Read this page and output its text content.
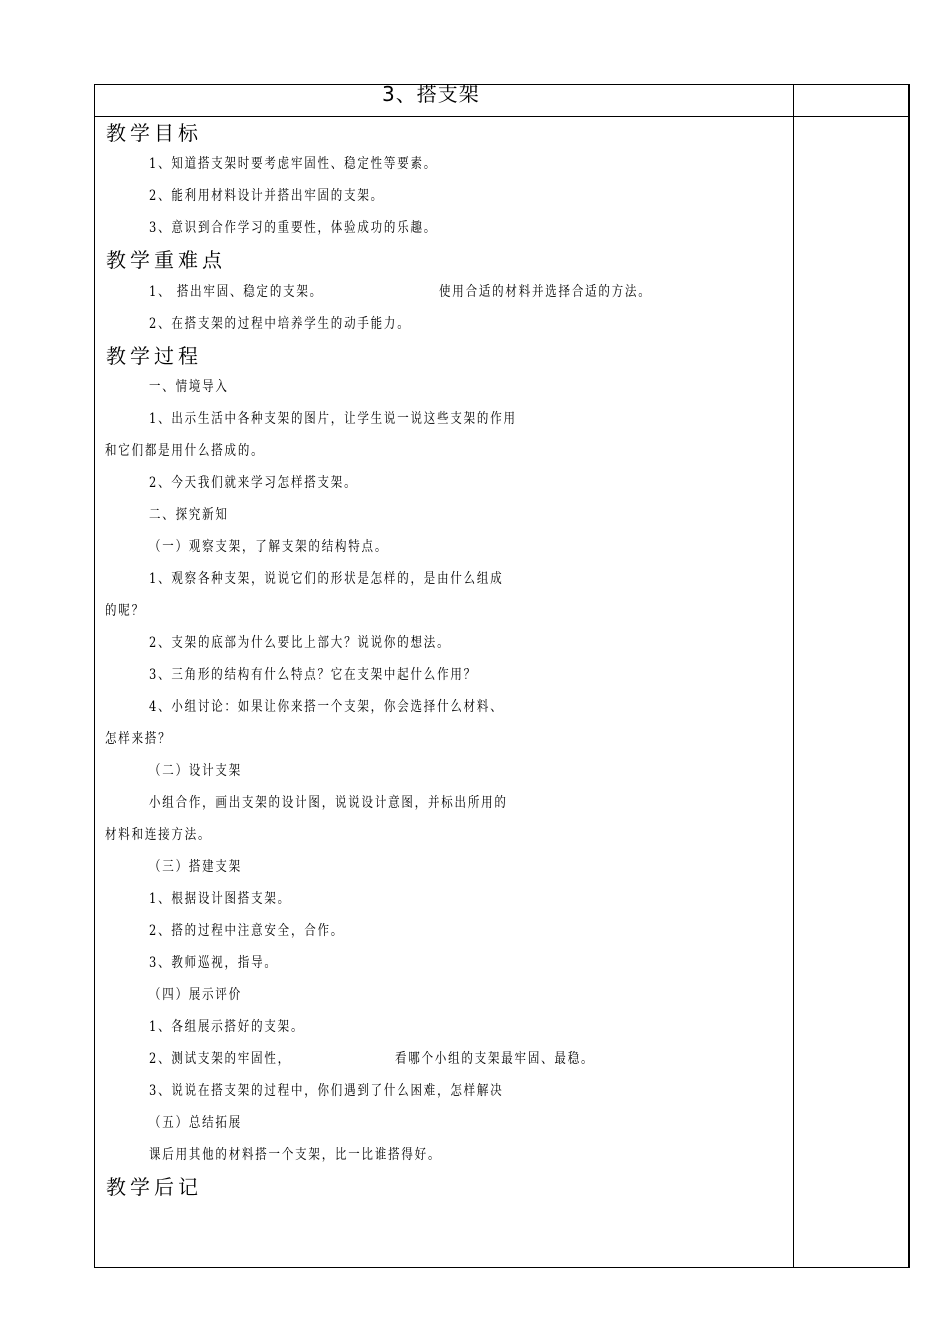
3、搭支架
教学目标
教学重难点
教学过程
教学后记
1、知道搭支架时要考虑牢固性、稳定性等要素。
2、能利用材料设计并搭出牢固的支架。
3、意识到合作学习的重要性，体验成功的乐趣。
1、 搭出牢固、稳定的支架。	使用合适的材料并选择合适的方法。
2、在搭支架的过程中培养学生的动手能力。
一、情境导入
1、出示生活中各种支架的图片，让学生说一说这些支架的作用
和它们都是用什么搭成的。
2、今天我们就来学习怎样搭支架。
二、探究新知
（一）观察支架，了解支架的结构特点。
1、观察各种支架，说说它们的形状是怎样的，是由什么组成
的呢？
2、支架的底部为什么要比上部大？说说你的想法。
3、三角形的结构有什么特点？它在支架中起什么作用？
4、小组讨论：如果让你来搭一个支架，你会选择什么材料、
怎样来搭？
（二）设计支架
小组合作，画出支架的设计图，说说设计意图，并标出所用的
材料和连接方法。
（三）搭建支架
1、根据设计图搭支架。
2、搭的过程中注意安全，合作。
3、教师巡视，指导。
（四）展示评价
1、各组展示搭好的支架。
2、测试支架的牢固性，	看哪个小组的支架最牢固、最稳。
3、说说在搭支架的过程中，你们遇到了什么困难，怎样解决
（五）总结拓展
课后用其他的材料搭一个支架，比一比谁搭得好。
